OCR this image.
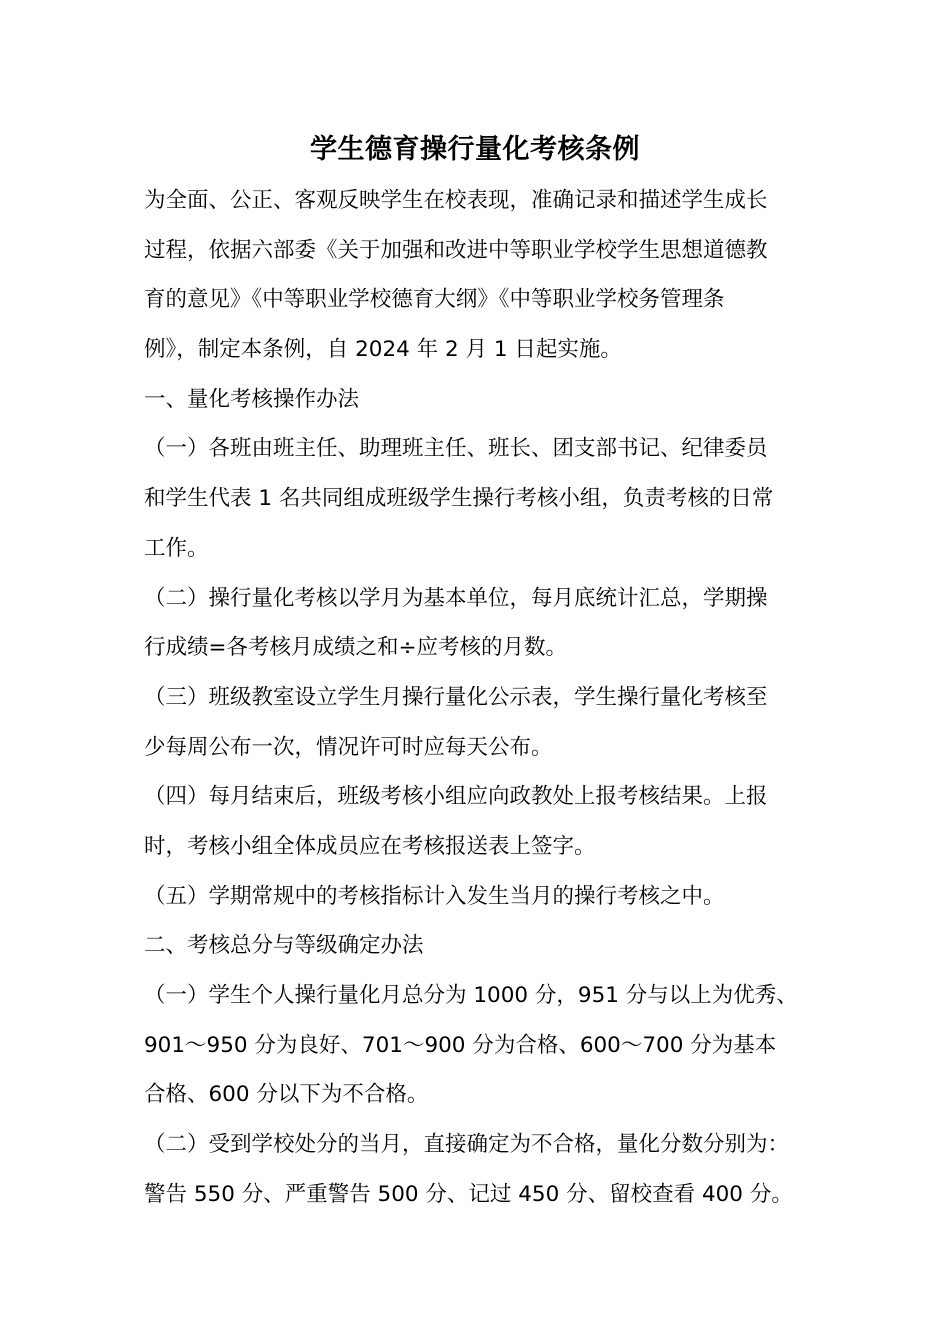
学生德育操行量化考核条例
为全面、公正、客观反映学生在校表现，准确记录和描述学生成长
过程，依据六部委《关于加强和改进中等职业学校学生思想道德教
育的意见》《中等职业学校德育大纲》《中等职业学校务管理条
例》，制定本条例，自 2024 年 2 月 1 日起实施。
一、量化考核操作办法
（一）各班由班主任、助理班主任、班长、团支部书记、纪律委员
和学生代表 1 名共同组成班级学生操行考核小组，负责考核的日常
工作。
（二）操行量化考核以学月为基本单位，每月底统计汇总，学期操
行成绩=各考核月成绩之和÷应考核的月数。
（三）班级教室设立学生月操行量化公示表，学生操行量化考核至
少每周公布一次，情况许可时应每天公布。
（四）每月结束后，班级考核小组应向政教处上报考核结果。上报
时，考核小组全体成员应在考核报送表上签字。
（五）学期常规中的考核指标计入发生当月的操行考核之中。
二、考核总分与等级确定办法
（一）学生个人操行量化月总分为 1000 分，951 分与以上为优秀、
901～950 分为良好、701～900 分为合格、600～700 分为基本
合格、600 分以下为不合格。
（二）受到学校处分的当月，直接确定为不合格，量化分数分别为：
警告 550 分、严重警告 500 分、记过 450 分、留校查看 400 分。
